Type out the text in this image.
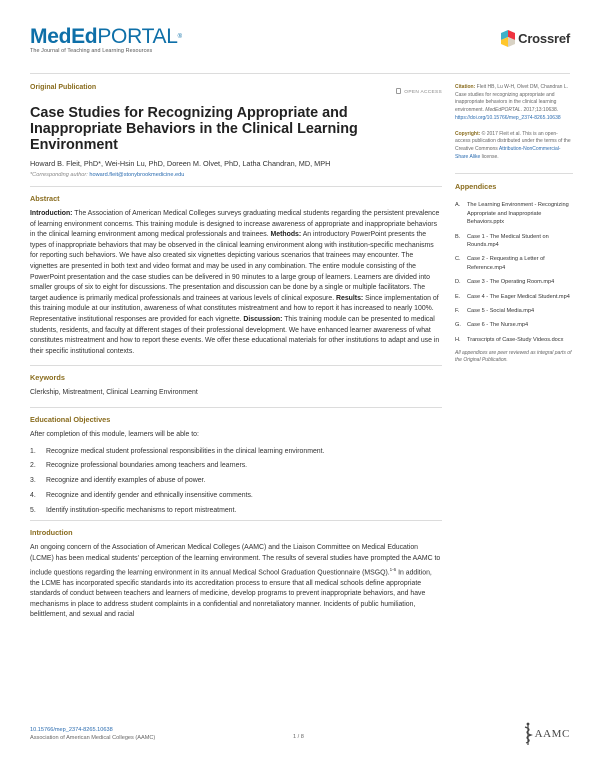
MedEdPORTAL®
The Journal of Teaching and Learning Resources
Crossref
Original Publication
OPEN ACCESS
Case Studies for Recognizing Appropriate and Inappropriate Behaviors in the Clinical Learning Environment
Howard B. Fleit, PhD*, Wei-Hsin Lu, PhD, Doreen M. Olvet, PhD, Latha Chandran, MD, MPH
*Corresponding author: howard.fleit@stonybrookmedicine.edu
Abstract

Introduction: The Association of American Medical Colleges surveys graduating medical students regarding the persistent prevalence of learning environment concerns. This training module is designed to increase awareness of appropriate and inappropriate behaviors in the clinical learning environment among medical professionals and trainees. Methods: An introductory PowerPoint presents the types of inappropriate behaviors that may be observed in the clinical learning environment along with institution-specific mechanisms for reporting such behaviors. We have also created six vignettes depicting various scenarios that trainees may encounter. The vignettes are presented in both text and video format and may be used in any combination. The entire module consisting of the PowerPoint presentation and the case studies can be delivered in 90 minutes to a large group of learners. Learners are divided into smaller groups of six to eight for discussions. The presentation and discussion can be done by a single or multiple facilitators. The target audience is primarily medical professionals and trainees at various levels of clinical exposure. Results: Since implementation of this training module at our institution, awareness of what constitutes mistreatment and how to report it has increased to nearly 100%. Representative institutional responses are provided for each vignette. Discussion: This training module can be presented to medical students, residents, and faculty at different stages of their professional development. We have enhanced learner awareness of what constitutes mistreatment and how to report these events. We offer these educational materials for other institutions to adapt and use in their specific institutional contexts.

Keywords

Clerkship, Mistreatment, Clinical Learning Environment

Educational Objectives

After completion of this module, learners will be able to:

1. Recognize medical student professional responsibilities in the clinical learning environment.
2. Recognize professional boundaries among teachers and learners.
3. Recognize and identify examples of abuse of power.
4. Recognize and identify gender and ethnically insensitive comments.
5. Identify institution-specific mechanisms to report mistreatment.
Introduction

An ongoing concern of the Association of American Medical Colleges (AAMC) and the Liaison Committee on Medical Education (LCME) has been medical students' perception of the learning environment. The results of several studies have prompted the AAMC to include questions regarding the learning environment in its annual Medical School Graduation Questionnaire (MSGQ).$^{1-6}$ In addition, the LCME has incorporated specific standards into its accreditation process to ensure that all medical schools define appropriate standards of conduct between teachers and learners of medicine, develop programs to prevent inappropriate behaviors, and have mechanisms in place to address student complaints in a confidential and nonretaliatory manner. Incidents of public humiliation, belittlement, and sexual and racial

Citation: Fleit HB, Lu W-H, Olvet DM, Chandran L. Case studies for recognizing appropriate and inappropriate behaviors in the clinical learning environment. MedEdPORTAL. 2017;13:10638.
https://doi.org/10.15766/mep_2374-8265.10638
Copyright: © 2017 Fleit et al. This is an open-access publication distributed under the terms of the Creative Commons Attribution-NonCommercial-Share Alike license.
Appendices
A. The Learning Environment - Recognizing Appropriate and Inappropriate Behaviors.pptx
B. Case 1 - The Medical Student on Rounds.mp4
C. Case 2 - Requesting a Letter of Reference.mp4
D. Case 3 - The Operating Room.mp4
E. Case 4 - The Eager Medical Student.mp4
F. Case 5 - Social Media.mp4
G. Case 6 - The Nurse.mp4
H. Transcripts of Case-Study Videos.docx

All appendices are peer reviewed as integral parts of the Original Publication.

10.15766/mep_2374-8265.10638
Association of American Medical Colleges (AAMC)	1 / 8	AAMC
